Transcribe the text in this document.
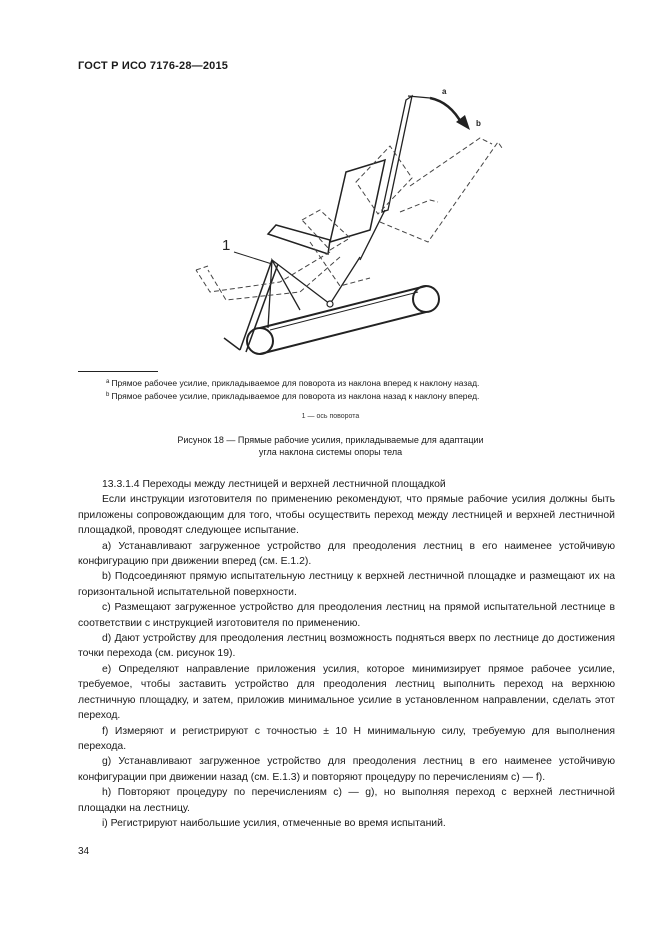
ГОСТ Р ИСО 7176-28—2015
1
a
b
$^a$ Прямое рабочее усилие, прикладываемое для поворота из наклона вперед к наклону назад.
$^b$ Прямое рабочее усилие, прикладываемое для поворота из наклона назад к наклону вперед.
1 — ось поворота
Рисунок 18 — Прямые рабочие усилия, прикладываемые для адаптации
угла наклона системы опоры тела

13.3.1.4 Переходы между лестницей и верхней лестничной площадкой

Если инструкции изготовителя по применению рекомендуют, что прямые рабочие усилия должны быть приложены сопровождающим для того, чтобы осуществить переход между лестницей и верхней лестничной площадкой, проводят следующее испытание.

а) Устанавливают загруженное устройство для преодоления лестниц в его наименее устойчивую конфигурацию при движении вперед (см. Е.1.2).

b) Подсоединяют прямую испытательную лестницу к верхней лестничной площадке и размещают их на горизонтальной испытательной поверхности.

с) Размещают загруженное устройство для преодоления лестниц на прямой испытательной лестнице в соответствии с инструкцией изготовителя по применению.

d) Дают устройству для преодоления лестниц возможность подняться вверх по лестнице до достижения точки перехода (см. рисунок 19).

е) Определяют направление приложения усилия, которое минимизирует прямое рабочее усилие, требуемое, чтобы заставить устройство для преодоления лестниц выполнить переход на верхнюю лестничную площадку, и затем, приложив минимальное усилие в установленном направлении, сделать этот переход.

f) Измеряют и регистрируют с точностью ± 10 Н минимальную силу, требуемую для выполнения перехода.

g) Устанавливают загруженное устройство для преодоления лестниц в его наименее устойчивую конфигурации при движении назад (см. Е.1.3) и повторяют процедуру по перечислениям с) — f).

h) Повторяют процедуру по перечислениям с) — g), но выполняя переход с верхней лестничной площадки на лестницу.

i) Регистрируют наибольшие усилия, отмеченные во время испытаний.

34
